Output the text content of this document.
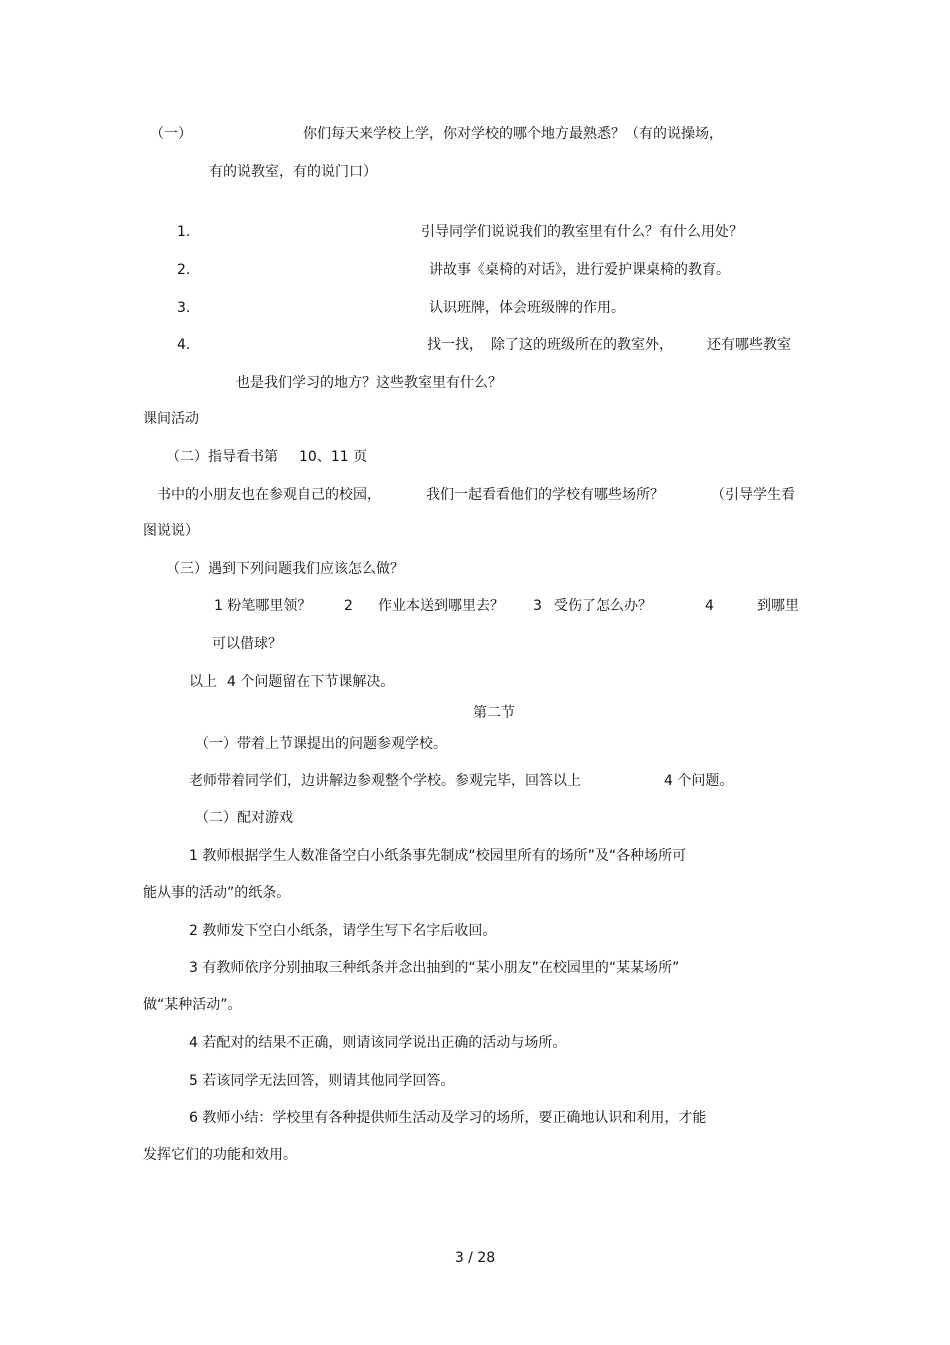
（一）	你们每天来学校上学，你对学校的哪个地方最熟悉？（有的说操场，
有的说教室，有的说门口）
1.	引导同学们说说我们的教室里有什么？有什么用处？
2.	讲故事《桌椅的对话》，进行爱护课桌椅的教育。
3.	认识班牌，体会班级牌的作用。
4.	找一找， 除了这的班级所在的教室外， 还有哪些教室
也是我们学习的地方？这些教室里有什么？
课间活动
（二）指导看书第 10、11 页
书中的小朋友也在参观自己的校园，	我们一起看看他们的学校有哪些场所？	（引导学生看
图说说）
（三）遇到下列问题我们应该怎么做？
1 粉笔哪里领？ 2 作业本送到哪里去？ 3 受伤了怎么办？	4	到哪里
可以借球？
以上 4 个问题留在下节课解决。
第二节
（一）带着上节课提出的问题参观学校。
老师带着同学们，边讲解边参观整个学校。参观完毕，回答以上	4 个问题。
（二）配对游戏
1 教师根据学生人数准备空白小纸条事先制成“校园里所有的场所”及“各种场所可
能从事的活动”的纸条。
2 教师发下空白小纸条，请学生写下名字后收回。
3 有教师依序分别抽取三种纸条并念出抽到的“某小朋友”在校园里的“某某场所”
做“某种活动”。
4 若配对的结果不正确，则请该同学说出正确的活动与场所。
5 若该同学无法回答，则请其他同学回答。
6 教师小结：学校里有各种提供师生活动及学习的场所，要正确地认识和利用，才能
发挥它们的功能和效用。
3 / 28
